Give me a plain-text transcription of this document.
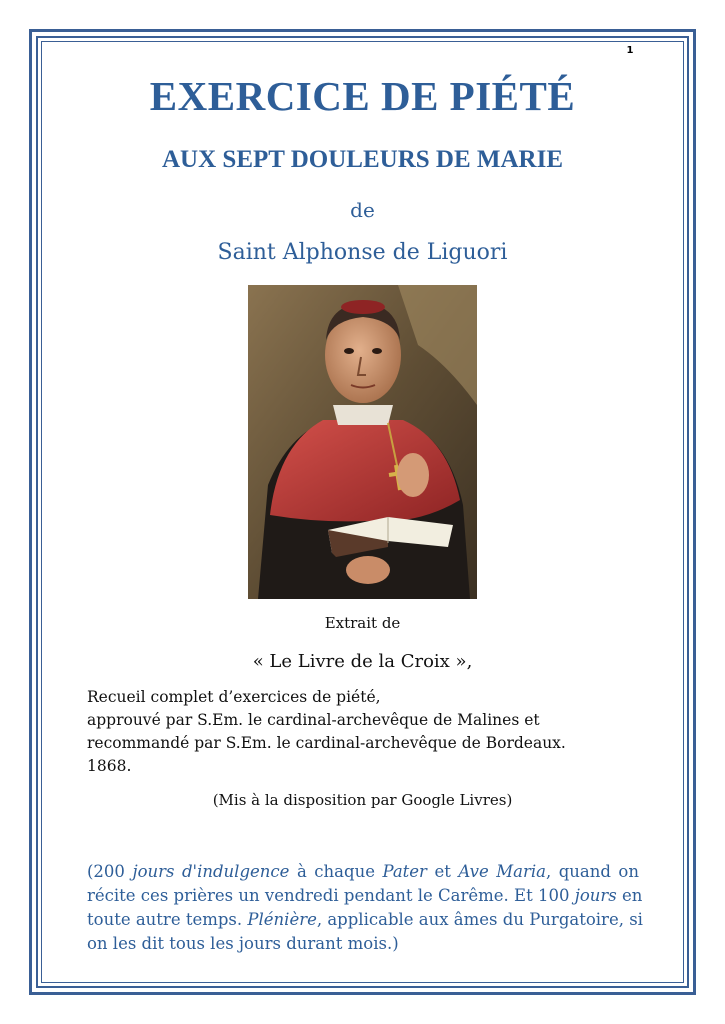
1
EXERCICE DE PIÉTÉ
AUX SEPT DOULEURS DE MARIE
de
Saint Alphonse de Liguori
Extrait de
« Le Livre de la Croix »,
Recueil complet d’exercices de piété,
approuvé par S.Em. le cardinal-archevêque de Malines et
recommandé par S.Em. le cardinal-archevêque de Bordeaux.
1868.
(Mis à la disposition par Google Livres)
(200 jours d'indulgence à chaque Pater et Ave Maria, quand on
récite ces prières un vendredi pendant le Carême. Et 100 jours en
toute autre temps. Plénière, applicable aux âmes du Purgatoire, si
on les dit tous les jours durant mois.)
